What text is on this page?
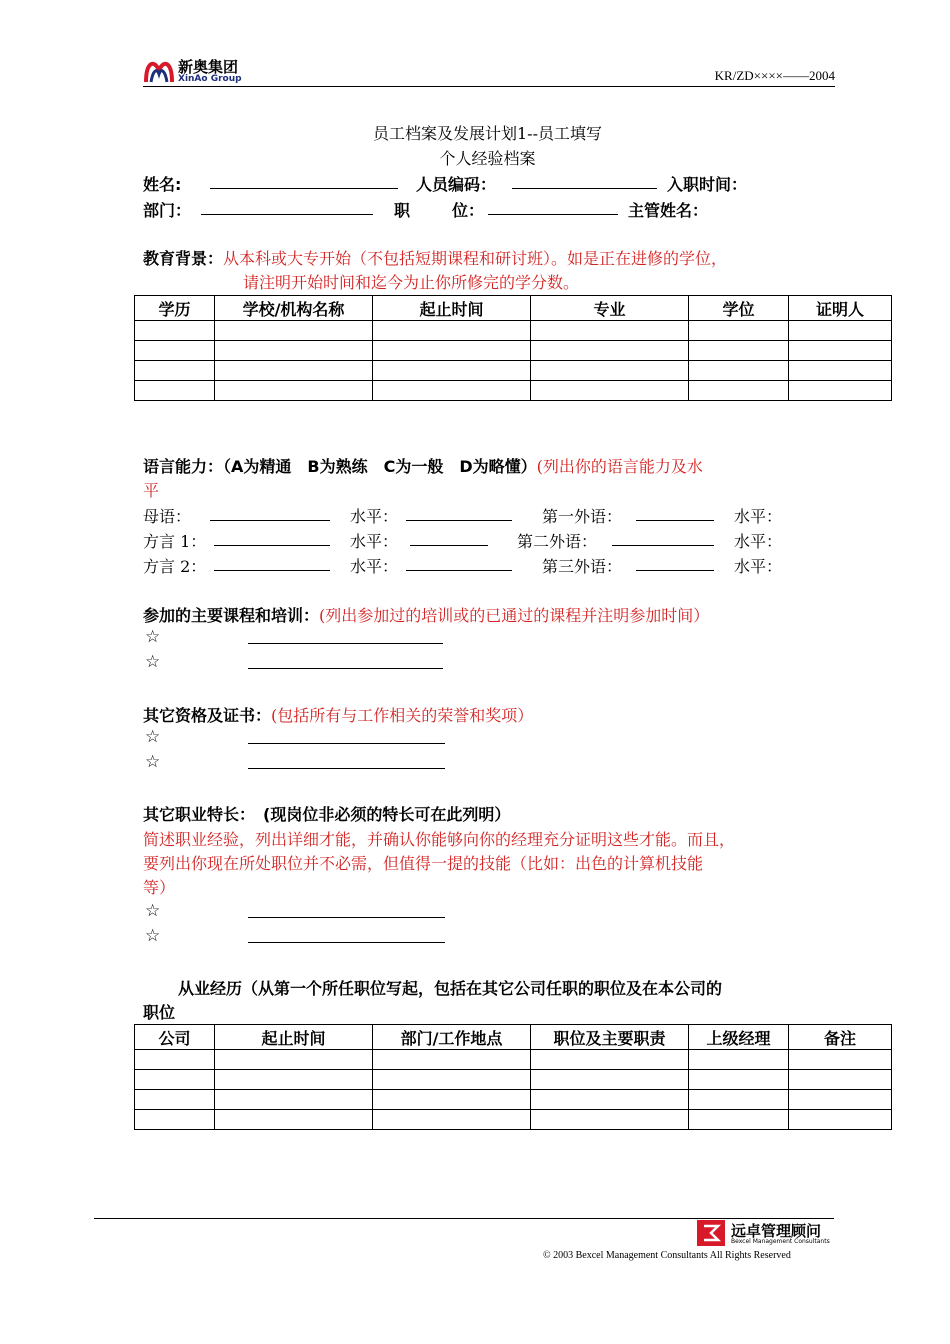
新奥集团
XinAo Group	KR/ZD××××——2004
员工档案及发展计划1--员工填写
个人经验档案
姓名:	人员编码：	入职时间：
部门：	职	位：	主管姓名：
教育背景：从本科或大专开始（不包括短期课程和研讨班）。如是正在进修的学位，
请注明开始时间和迄今为止你所修完的学分数。
学历	学校/机构名称	起止时间	专业	学位	证明人

语言能力：（A为精通　B为熟练　C为一般　D为略懂）(列出你的语言能力及水
平
母语：	水平：	第一外语：	水平：
方言 1：	水平：	第二外语：	水平：
方言 2：	水平：	第三外语：	水平：
参加的主要课程和培训：(列出参加过的培训或的已通过的课程并注明参加时间）
☆
☆
其它资格及证书：(包括所有与工作相关的荣誉和奖项）
☆
☆
其它职业特长：　(现岗位非必须的特长可在此列明）
简述职业经验，列出详细才能，并确认你能够向你的经理充分证明这些才能。而且，
要列出你现在所处职位并不必需，但值得一提的技能（比如：出色的计算机技能
等）
☆
☆
从业经历（从第一个所任职位写起，包括在其它公司任职的职位及在本公司的
职位
公司	起止时间	部门/工作地点	职位及主要职责	上级经理	备注

远卓管理顾问
Bexcel Management Consultants
© 2003 Bexcel Management Consultants All Rights Reserved
